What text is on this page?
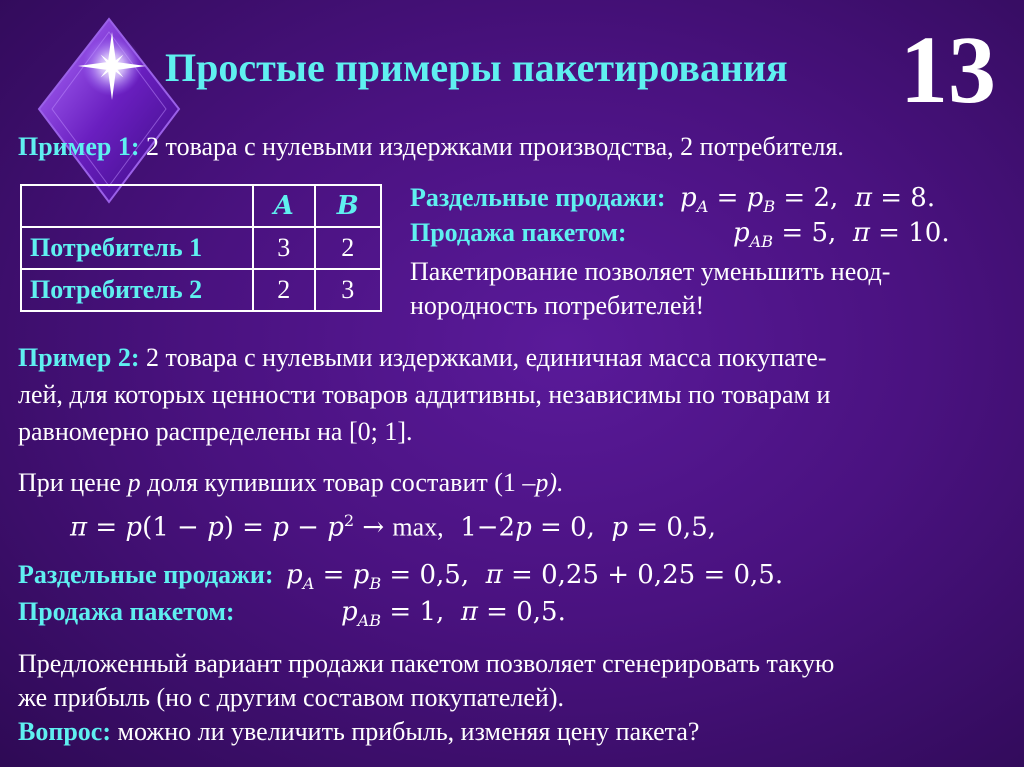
Простые примеры пакетирования 13
Пример 1: 2 товара с нулевыми издержками производства, 2 потребителя.
	A	B
Потребитель 1	3	2
Потребитель 2	2	3
Раздельные продажи: $p_A = p_B = 2$,  π = 8.
Продажа пакетом:	$p_{AB} = 5$,  π = 10.
Пакетирование позволяет уменьшить неод-
нородность потребителей!
Пример 2: 2 товара с нулевыми издержками, единичная масса покупате-
лей, для которых ценности товаров аддитивны, независимы по товарам и
равномерно распределены на [0; 1].
При цене p доля купивших товар составит (1 –p).
$\pi = p(1 - p) = p - p^2 \to \max$,  1−2p = 0,  p = 0,5,
Раздельные продажи: $p_A = p_B = 0,5$,  π = 0,25 + 0,25 = 0,5.
Продажа пакетом:	$p_{AB} = 1$,  π = 0,5.
Предложенный вариант продажи пакетом позволяет сгенерировать такую
же прибыль (но с другим составом покупателей).
Вопрос: можно ли увеличить прибыль, изменяя цену пакета?
